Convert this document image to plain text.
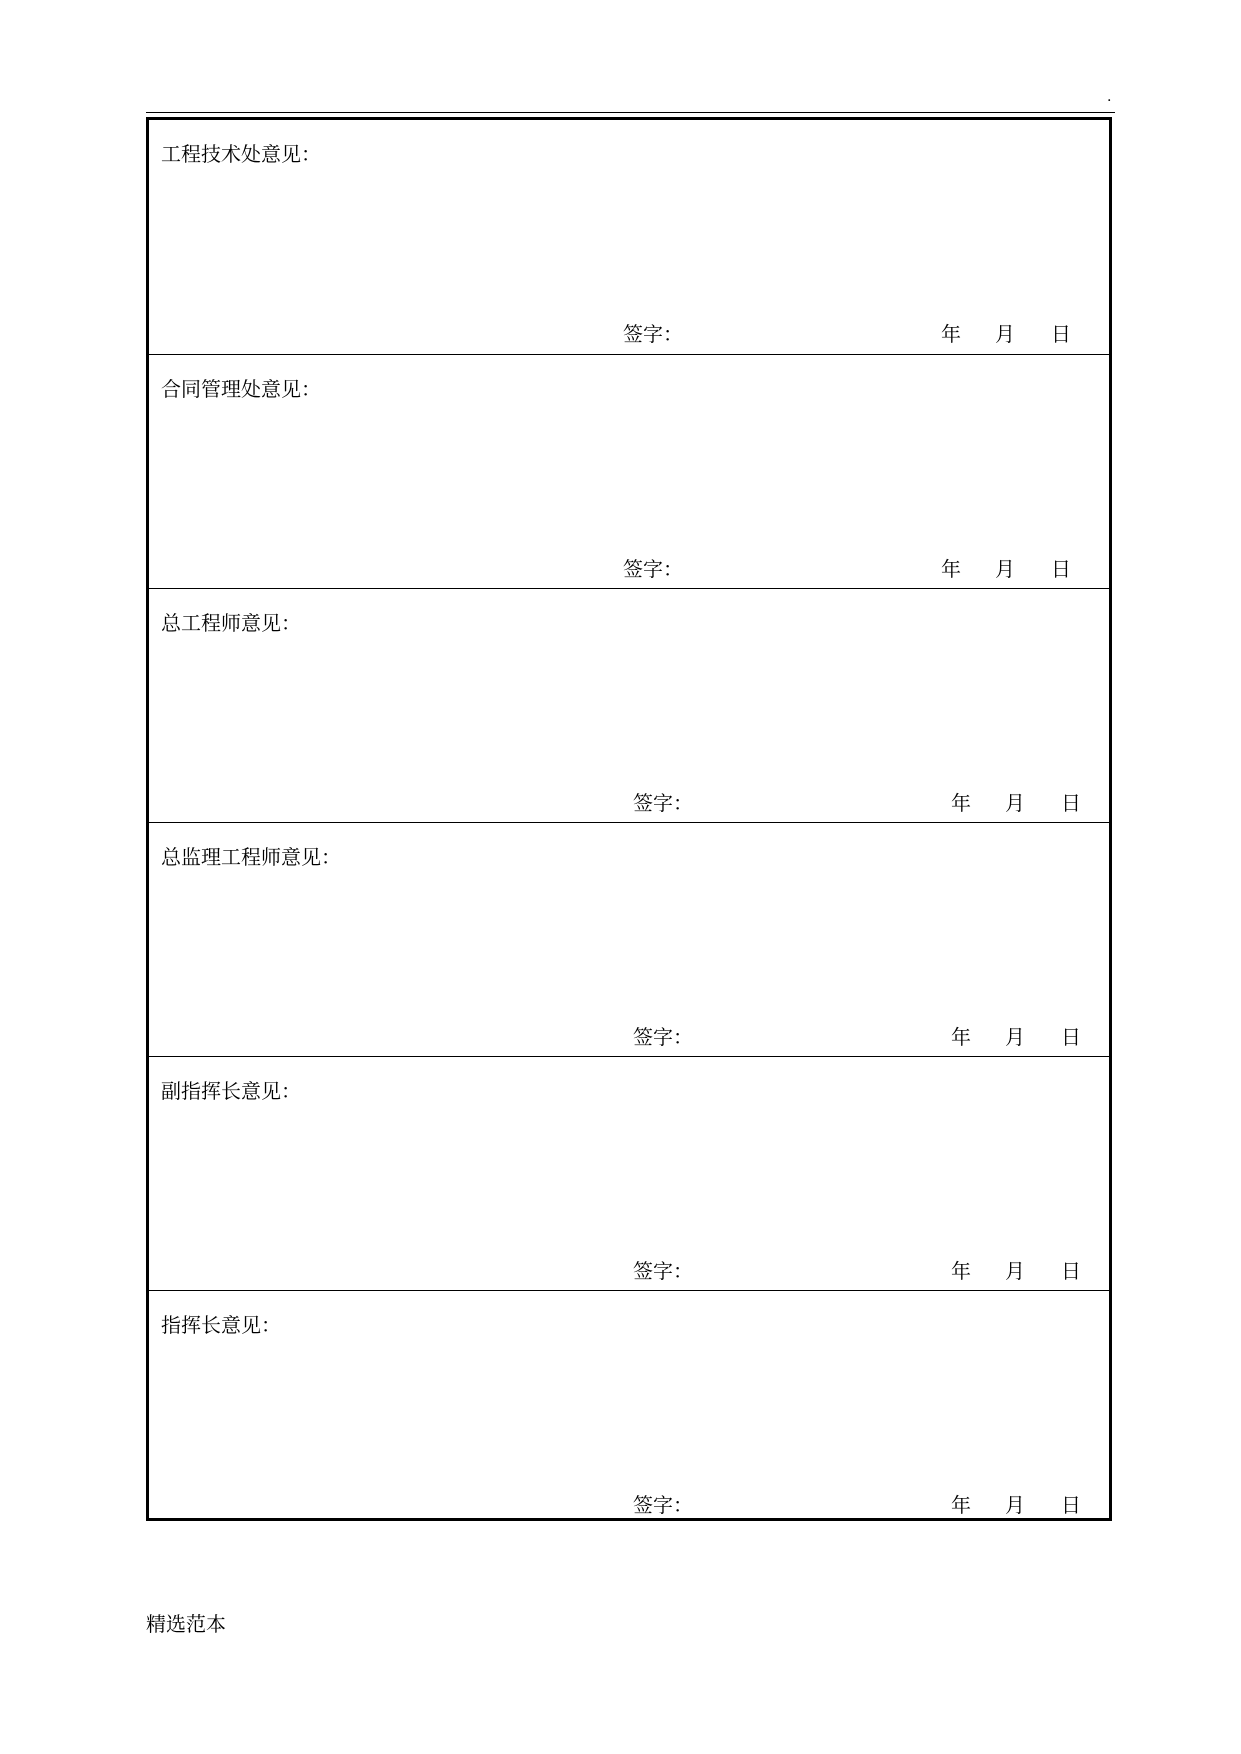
.
工程技术处意见：
签字：	年 月 日
合同管理处意见：
签字：	年 月 日
总工程师意见：
签字：	年 月 日
总监理工程师意见：
签字：	年 月 日
副指挥长意见：
签字：	年 月 日
指挥长意见：
签字：	年 月 日
精选范本
